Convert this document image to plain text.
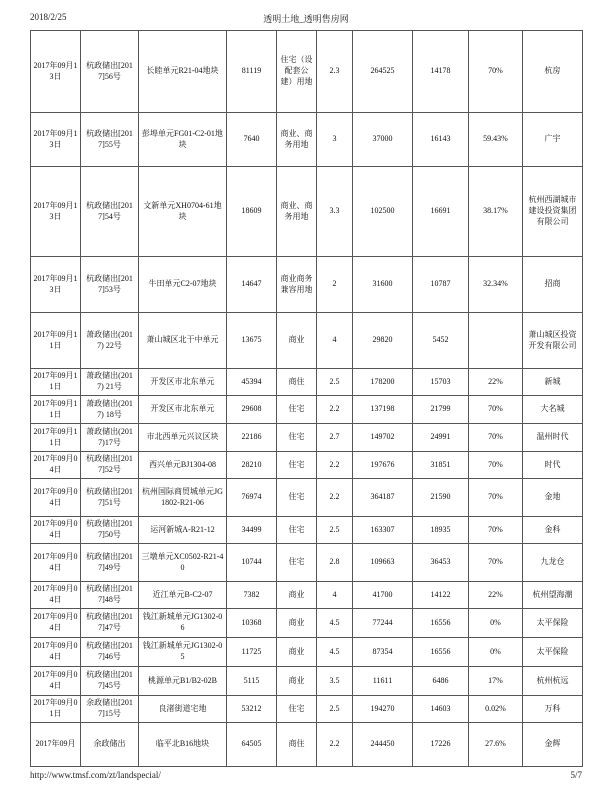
2018/2/25	透明土地_透明售房网
2017年09月13日	杭政储出[2017]56号	长睦单元R21-04地块	81119	住宅（设配套公建）用地	2.3	264525	14178	70%	杭房
2017年09月13日	杭政储出[2017]55号	彭埠单元FG01-C2-01地块	7640	商业、商务用地	3	37000	16143	59.43%	广宇
2017年09月13日	杭政储出[2017]54号	文新单元XH0704-61地块	18609	商业、商务用地	3.3	102500	16691	38.17%	杭州西湖城市建设投资集团有限公司
2017年09月13日	杭政储出[2017]53号	牛田单元C2-07地块	14647	商业商务兼容用地	2	31600	10787	32.34%	招商
2017年09月11日	萧政储出(2017) 22号	萧山城区北干中单元	13675	商业	4	29820	5452		萧山城区投资开发有限公司
2017年09月11日	萧政储出(2017) 21号	开发区市北东单元	45394	商住	2.5	178200	15703	22%	新城
2017年09月11日	萧政储出(2017) 18号	开发区市北东单元	29608	住宅	2.2	137198	21799	70%	大名城
2017年09月11日	萧政储出(2017)17号	市北西单元兴议区块	22186	住宅	2.7	149702	24991	70%	温州时代
2017年09月04日	杭政储出[2017]52号	西兴单元BJ1304-08	28210	住宅	2.2	197676	31851	70%	时代
2017年09月04日	杭政储出[2017]51号	杭州国际商贸城单元JG1802-R21-06	76974	住宅	2.2	364187	21590	70%	金地
2017年09月04日	杭政储出[2017]50号	运河新城A-R21-12	34499	住宅	2.5	163307	18935	70%	金科
2017年09月04日	杭政储出[2017]49号	三墩单元XC0502-R21-40	10744	住宅	2.8	109663	36453	70%	九龙仓
2017年09月04日	杭政储出[2017]48号	近江单元B-C2-07	7382	商业	4	41700	14122	22%	杭州望海潮
2017年09月04日	杭政储出[2017]47号	钱江新城单元JG1302-06	10368	商业	4.5	77244	16556	0%	太平保险
2017年09月04日	杭政储出[2017]46号	钱江新城单元JG1302-05	11725	商业	4.5	87354	16556	0%	太平保险
2017年09月04日	杭政储出[2017]45号	桃源单元B1/B2-02B	5115	商业	3.5	11611	6486	17%	杭州杭远
2017年09月01日	余政储出[2017]15号	良渚街道宅地	53212	住宅	2.5	194270	14603	0.02%	万科
2017年09月	余政储出	临平北B16地块	64505	商住	2.2	244450	17226	27.6%	金辉
http://www.tmsf.com/zt/landspecial/	5/7
